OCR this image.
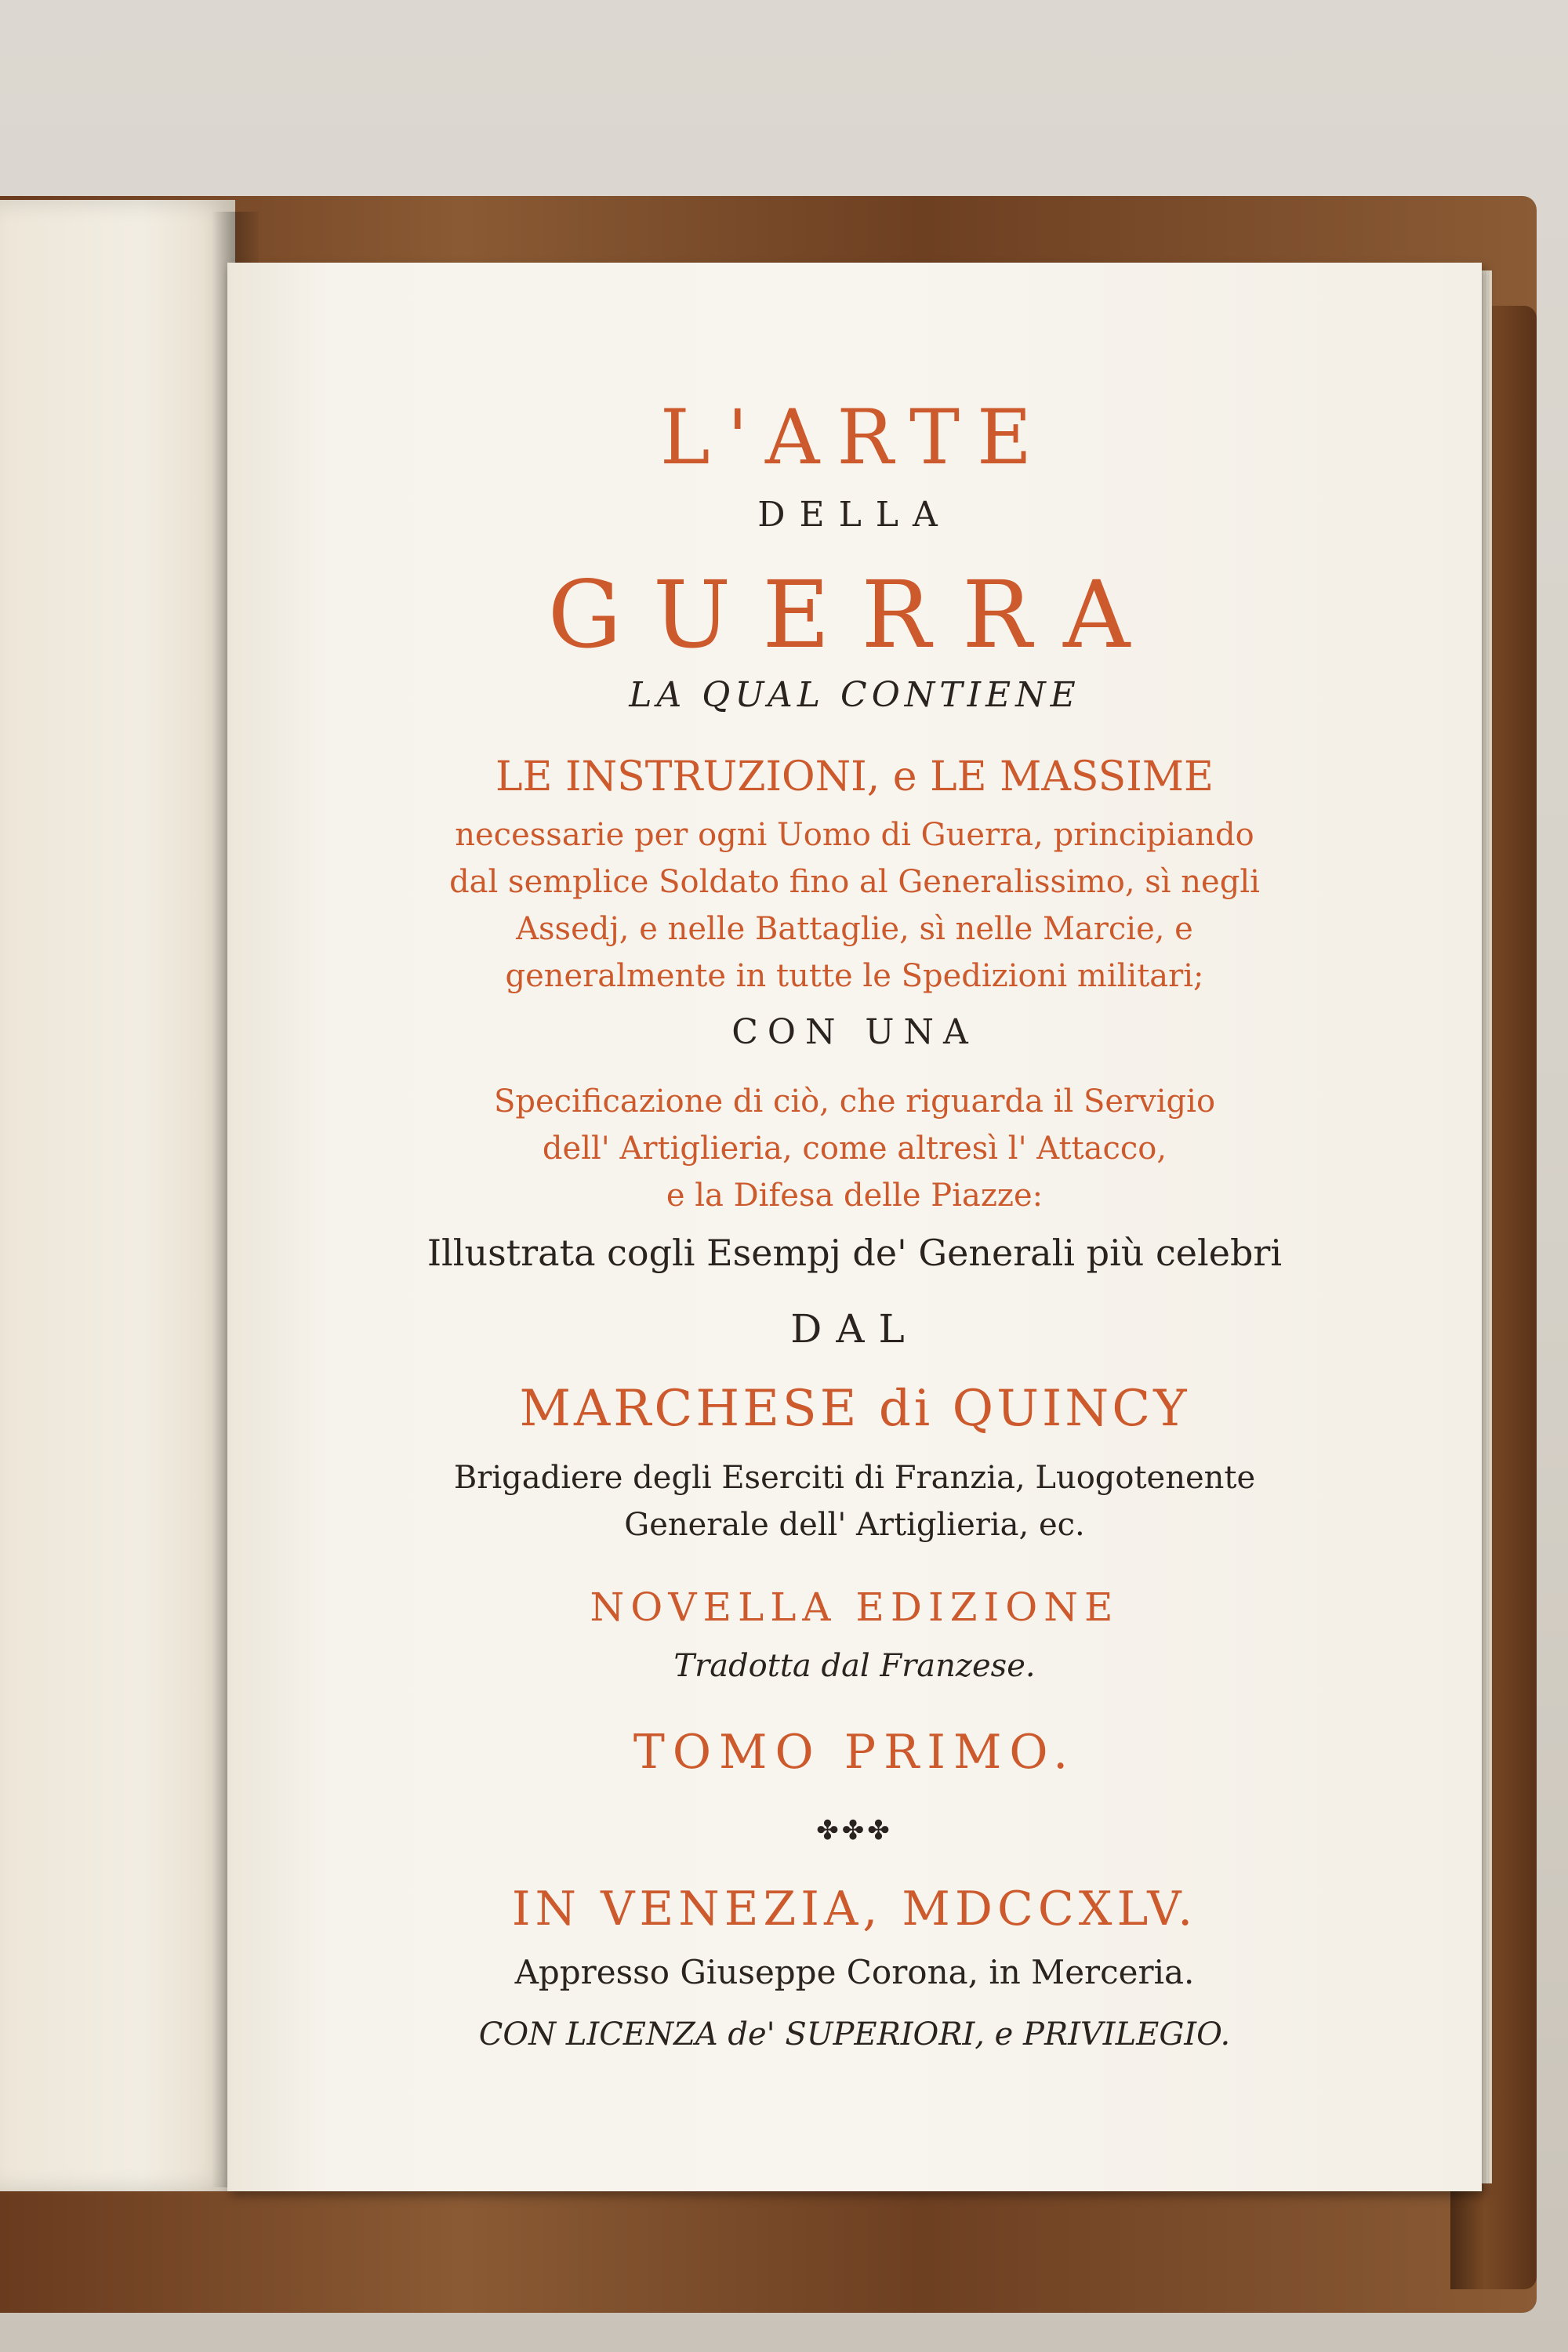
L'ARTE

DELLA

GUERRA

LA QUAL CONTIENE

LE INSTRUZIONI, e LE MASSIME

necessarie per ogni Uomo di Guerra, principiando

dal semplice Soldato fino al Generalissimo, sì negli

Assedj, e nelle Battaglie, sì nelle Marcie, e

generalmente in tutte le Spedizioni militari;

CON UNA

Specificazione di ciò, che riguarda il Servigio

dell' Artiglieria, come altresì l' Attacco,

e la Difesa delle Piazze:

Illustrata cogli Esempj de' Generali più celebri

DAL

MARCHESE di QUINCY

Brigadiere degli Eserciti di Franzia, Luogotenente

Generale dell' Artiglieria, ec.

NOVELLA EDIZIONE

Tradotta dal Franzese.

TOMO PRIMO.

✤✤✤

IN VENEZIA, MDCCXLV.

Appresso Giuseppe Corona, in Merceria.

CON LICENZA de' SUPERIORI, e PRIVILEGIO.
